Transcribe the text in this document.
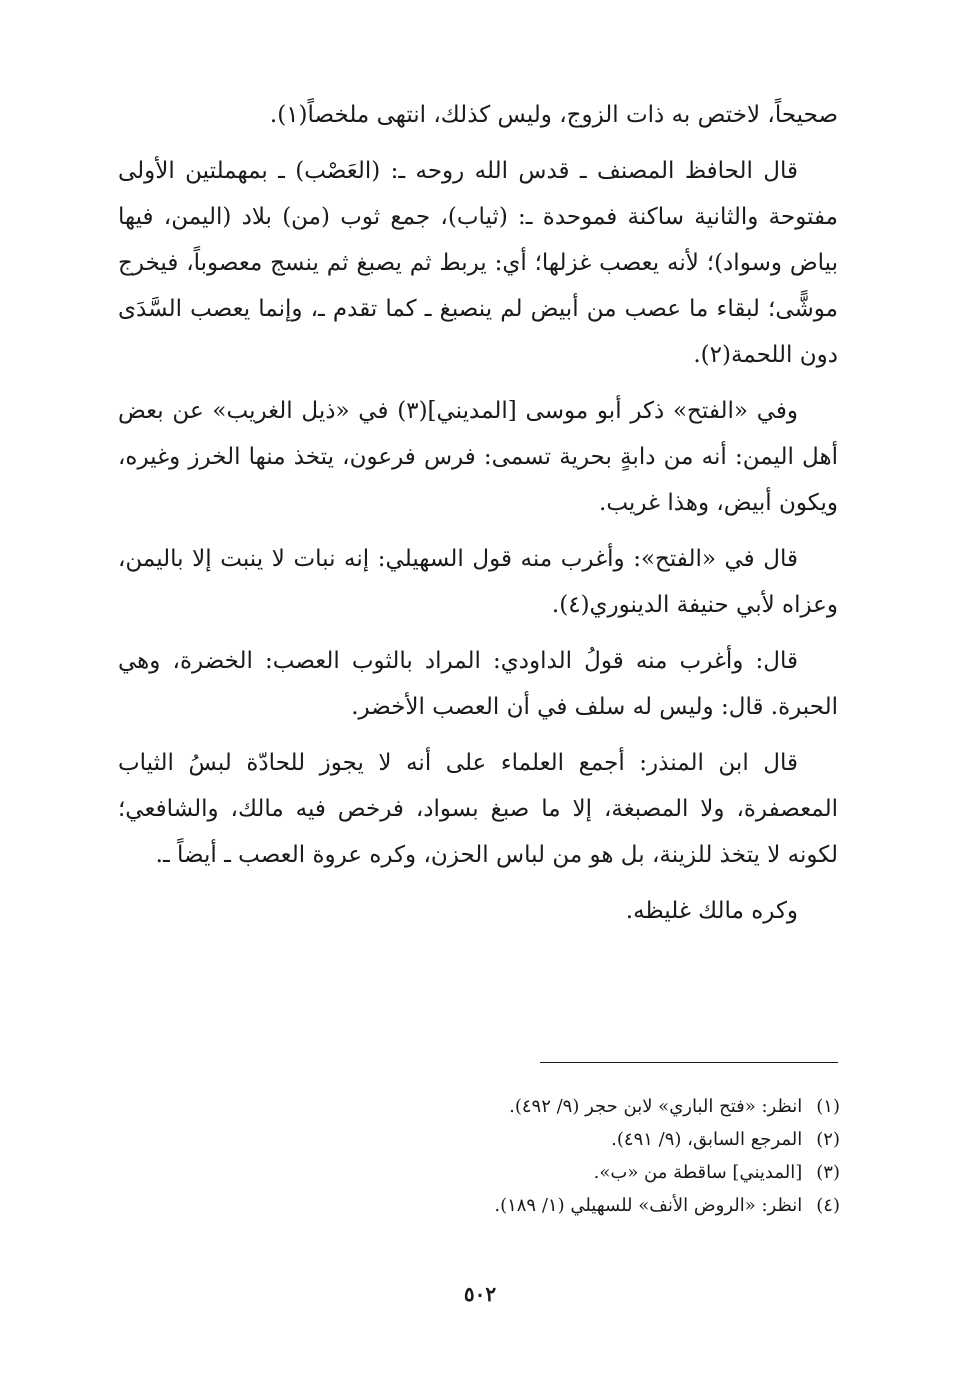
صحيحاً، لاختص به ذات الزوج، وليس كذلك، انتهى ملخصاً(١).

قال الحافظ المصنف ـ قدس الله روحه ـ: (العَصْب) ـ بمهملتين الأولى مفتوحة والثانية ساكنة فموحدة ـ: (ثياب)، جمع ثوب (من) بلاد (اليمن، فيها بياض وسواد)؛ لأنه يعصب غزلها؛ أي: يربط ثم يصبغ ثم ينسج معصوباً، فيخرج موشًّى؛ لبقاء ما عصب من أبيض لم ينصبغ ـ كما تقدم ـ، وإنما يعصب السَّدَى دون اللحمة(٢).

وفي «الفتح» ذكر أبو موسى [المديني](٣) في «ذيل الغريب» عن بعض أهل اليمن: أنه من دابةٍ بحرية تسمى: فرس فرعون، يتخذ منها الخرز وغيره، ويكون أبيض، وهذا غريب.

قال في «الفتح»: وأغرب منه قول السهيلي: إنه نبات لا ينبت إلا باليمن، وعزاه لأبي حنيفة الدينوري(٤).

قال: وأغرب منه قولُ الداودي: المراد بالثوب العصب: الخضرة، وهي الحبرة. قال: وليس له سلف في أن العصب الأخضر.

قال ابن المنذر: أجمع العلماء على أنه لا يجوز للحادّة لبسُ الثياب المعصفرة، ولا المصبغة، إلا ما صبغ بسواد، فرخص فيه مالك، والشافعي؛ لكونه لا يتخذ للزينة، بل هو من لباس الحزن، وكره عروة العصب ـ أيضاً ـ.

وكره مالك غليظه.

(١)
انظر: «فتح الباري» لابن حجر (٩/ ٤٩٢).
(٢)
المرجع السابق، (٩/ ٤٩١).
(٣)
[المديني] ساقطة من «ب».
(٤)
انظر: «الروض الأنف» للسهيلي (١/ ١٨٩).
٥٠٢
